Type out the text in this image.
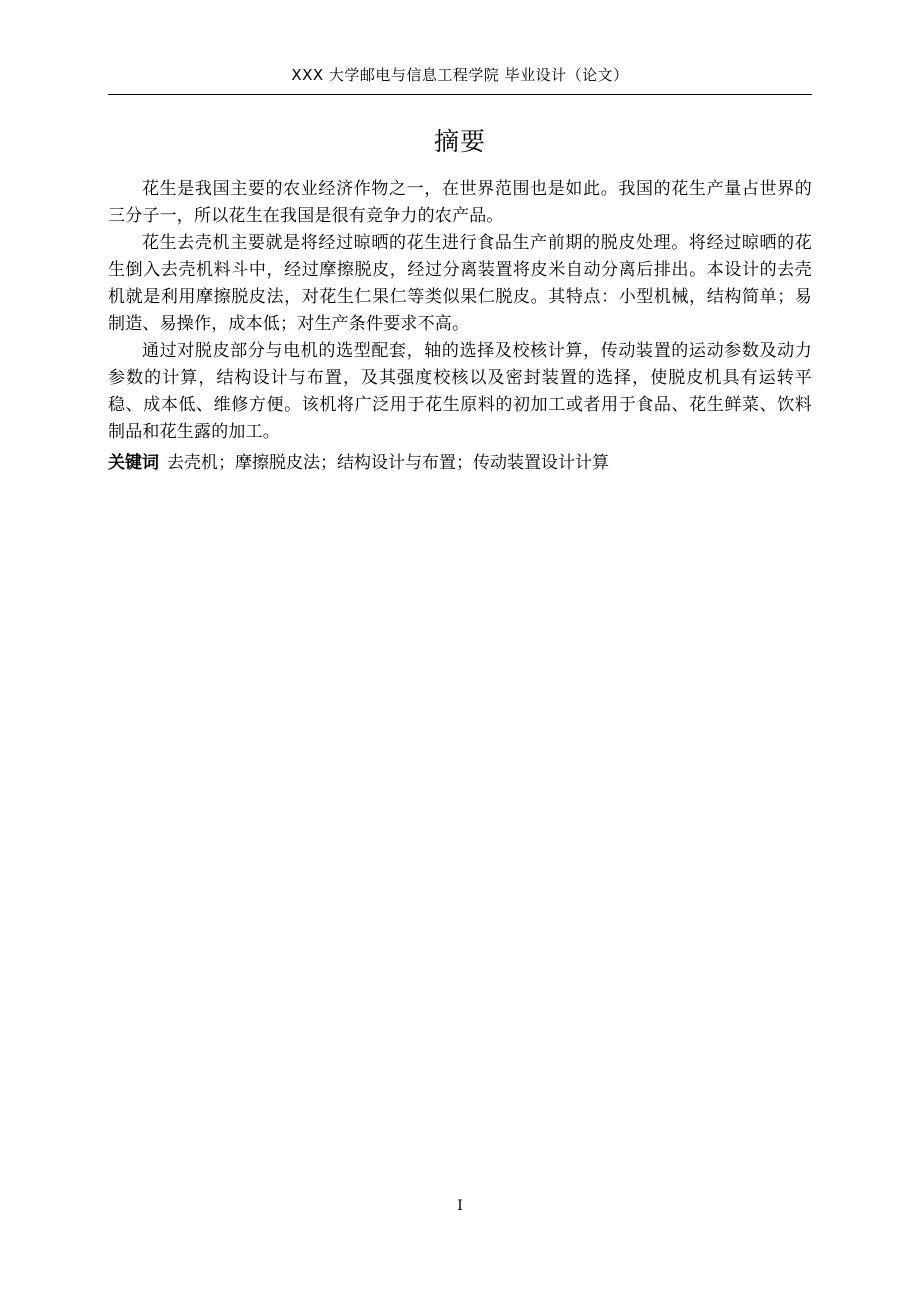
XXX 大学邮电与信息工程学院 毕业设计（论文）
摘要

花生是我国主要的农业经济作物之一，在世界范围也是如此。我国的花生产量占世界的三分子一，所以花生在我国是很有竞争力的农产品。

花生去壳机主要就是将经过晾晒的花生进行食品生产前期的脱皮处理。将经过晾晒的花生倒入去壳机料斗中，经过摩擦脱皮，经过分离装置将皮米自动分离后排出。本设计的去壳机就是利用摩擦脱皮法，对花生仁果仁等类似果仁脱皮。其特点：小型机械，结构简单；易制造、易操作，成本低；对生产条件要求不高。

通过对脱皮部分与电机的选型配套，轴的选择及校核计算，传动装置的运动参数及动力参数的计算，结构设计与布置，及其强度校核以及密封装置的选择，使脱皮机具有运转平稳、成本低、维修方便。该机将广泛用于花生原料的初加工或者用于食品、花生鲜菜、饮料制品和花生露的加工。

关键词 去壳机；摩擦脱皮法；结构设计与布置；传动装置设计计算

I
